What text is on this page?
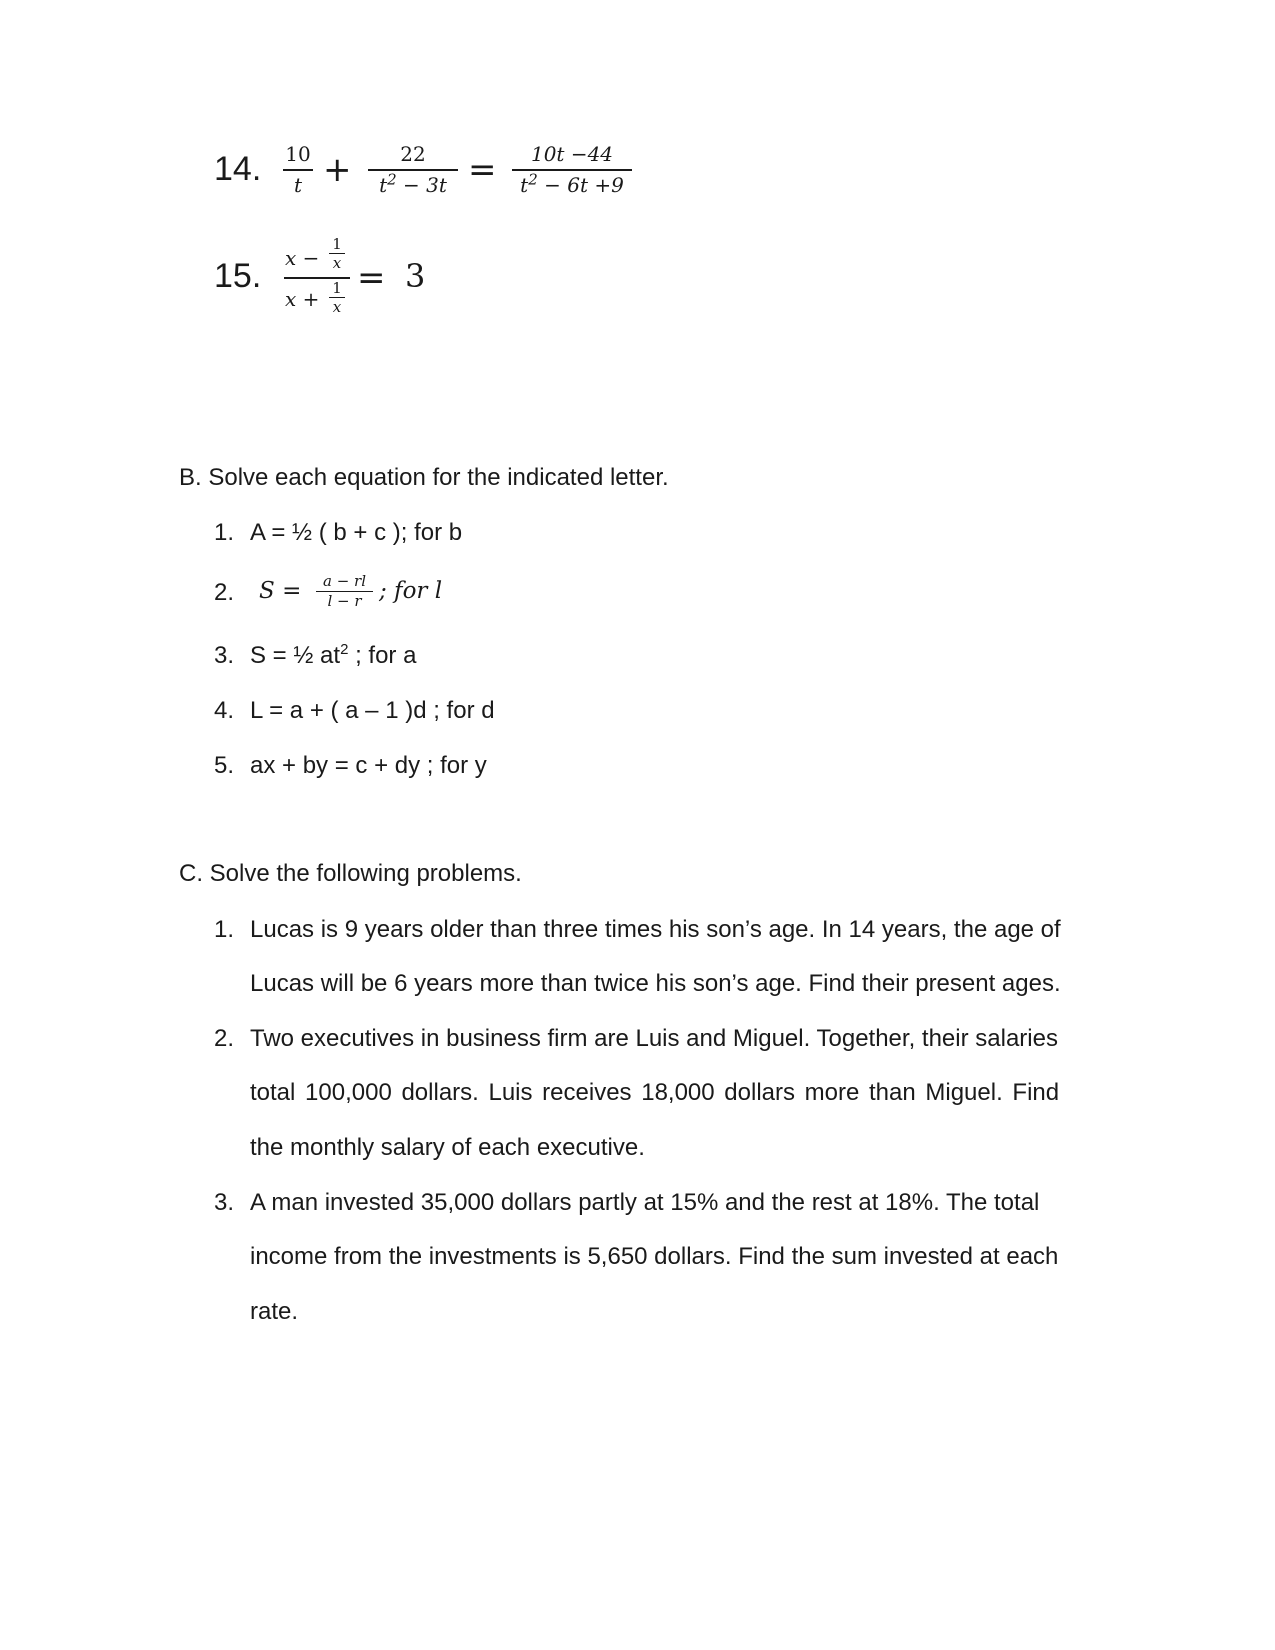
14. 10
t +	22
$t^2 - 3t$ =	10t −44
$t^2 - 6t +9$
15. x −
1
x
x + 1
x
= 3
B. Solve each equation for the indicated letter.
1. A = ½ ( b + c ); for b
2. S =	a − rl
l − r ; for l
3. S = ½ $at^2$ ; for a
4. L = a + ( a – 1 )d ; for d
5. ax + by = c + dy ; for y
C. Solve the following problems.
1. Lucas is 9 years older than three times his son’s age. In 14 years, the age of
Lucas will be 6 years more than twice his son’s age. Find their present ages.
2. Two executives in business firm are Luis and Miguel. Together, their salaries
total 100,000 dollars. Luis receives 18,000 dollars more than Miguel. Find
the monthly salary of each executive.
3. A man invested 35,000 dollars partly at 15% and the rest at 18%. The total
income from the investments is 5,650 dollars. Find the sum invested at each
rate.
